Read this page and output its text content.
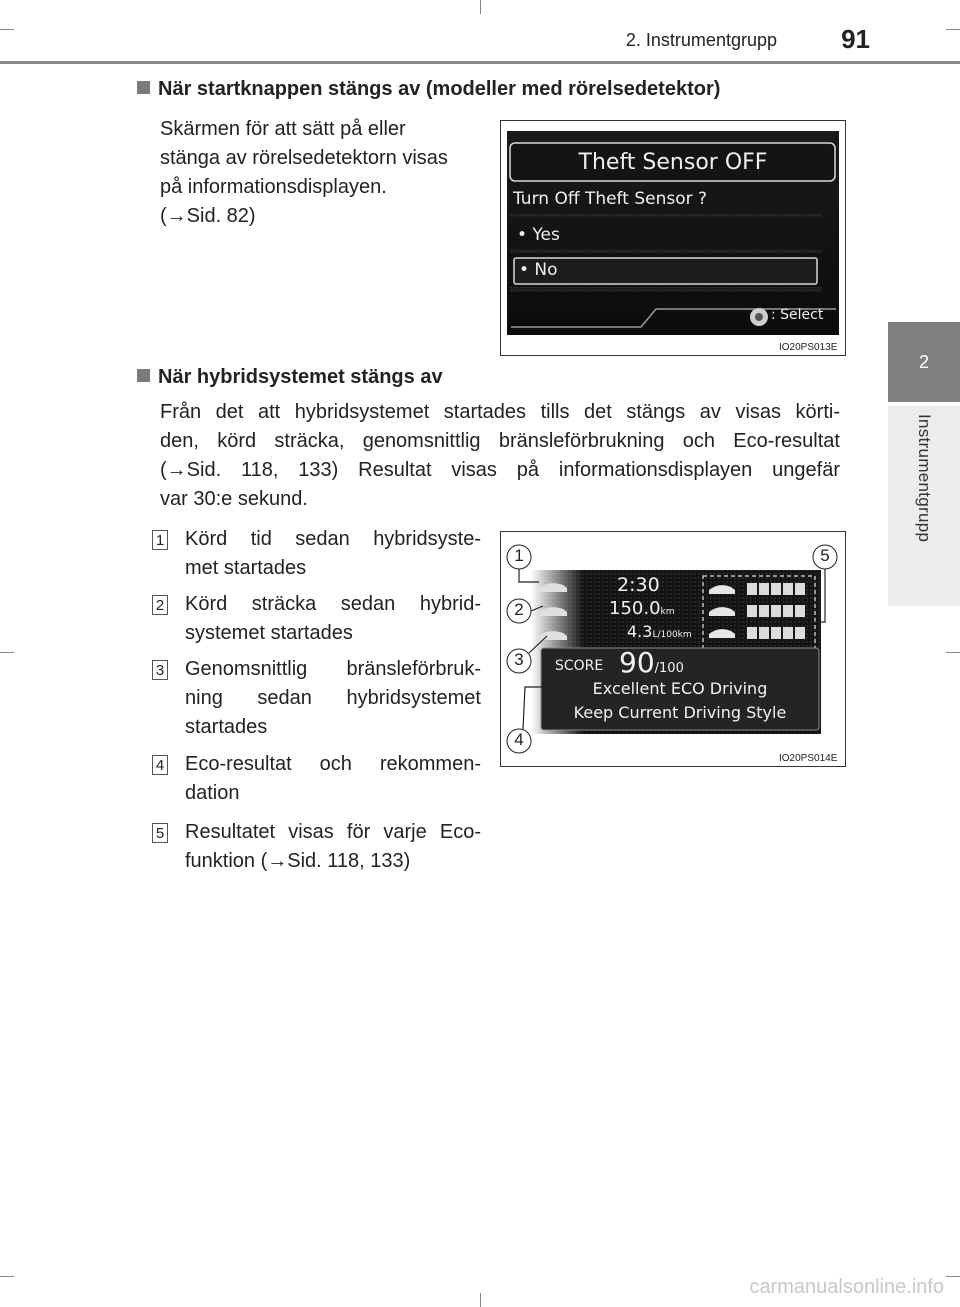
2. Instrumentgrupp	91
2
Instrumentgrupp
När startknappen stängs av (modeller med rörelsedetektor)
Skärmen för att sätt på eller
stänga av rörelsedetektorn visas
på informationsdisplayen.
(→Sid. 82)
Theft Sensor OFF
Turn Off Theft Sensor ?
• Yes
• No
: Select
IO20PS013E
När hybridsystemet stängs av
Från det att hybridsystemet startades tills det stängs av visas körti-
den, körd sträcka, genomsnittlig bränsleförbrukning och Eco-resultat
(→Sid. 118, 133) Resultat visas på informationsdisplayen ungefär
var 30:e sekund.
1 Körd tid sedan hybridsyste-
met startades
2 Körd sträcka sedan hybrid-
systemet startades
3 Genomsnittlig bränsleförbruk-
ning sedan hybridsystemet
startades
4 Eco-resultat och rekommen-
dation
5 Resultatet visas för varje Eco-
funktion (→Sid. 118, 133)
1
2
3
4
5
2:30
150.0km
4.3L/100km
SCORE 90/100
Excellent ECO Driving
Keep Current Driving Style
IO20PS014E
carmanualsonline.info
